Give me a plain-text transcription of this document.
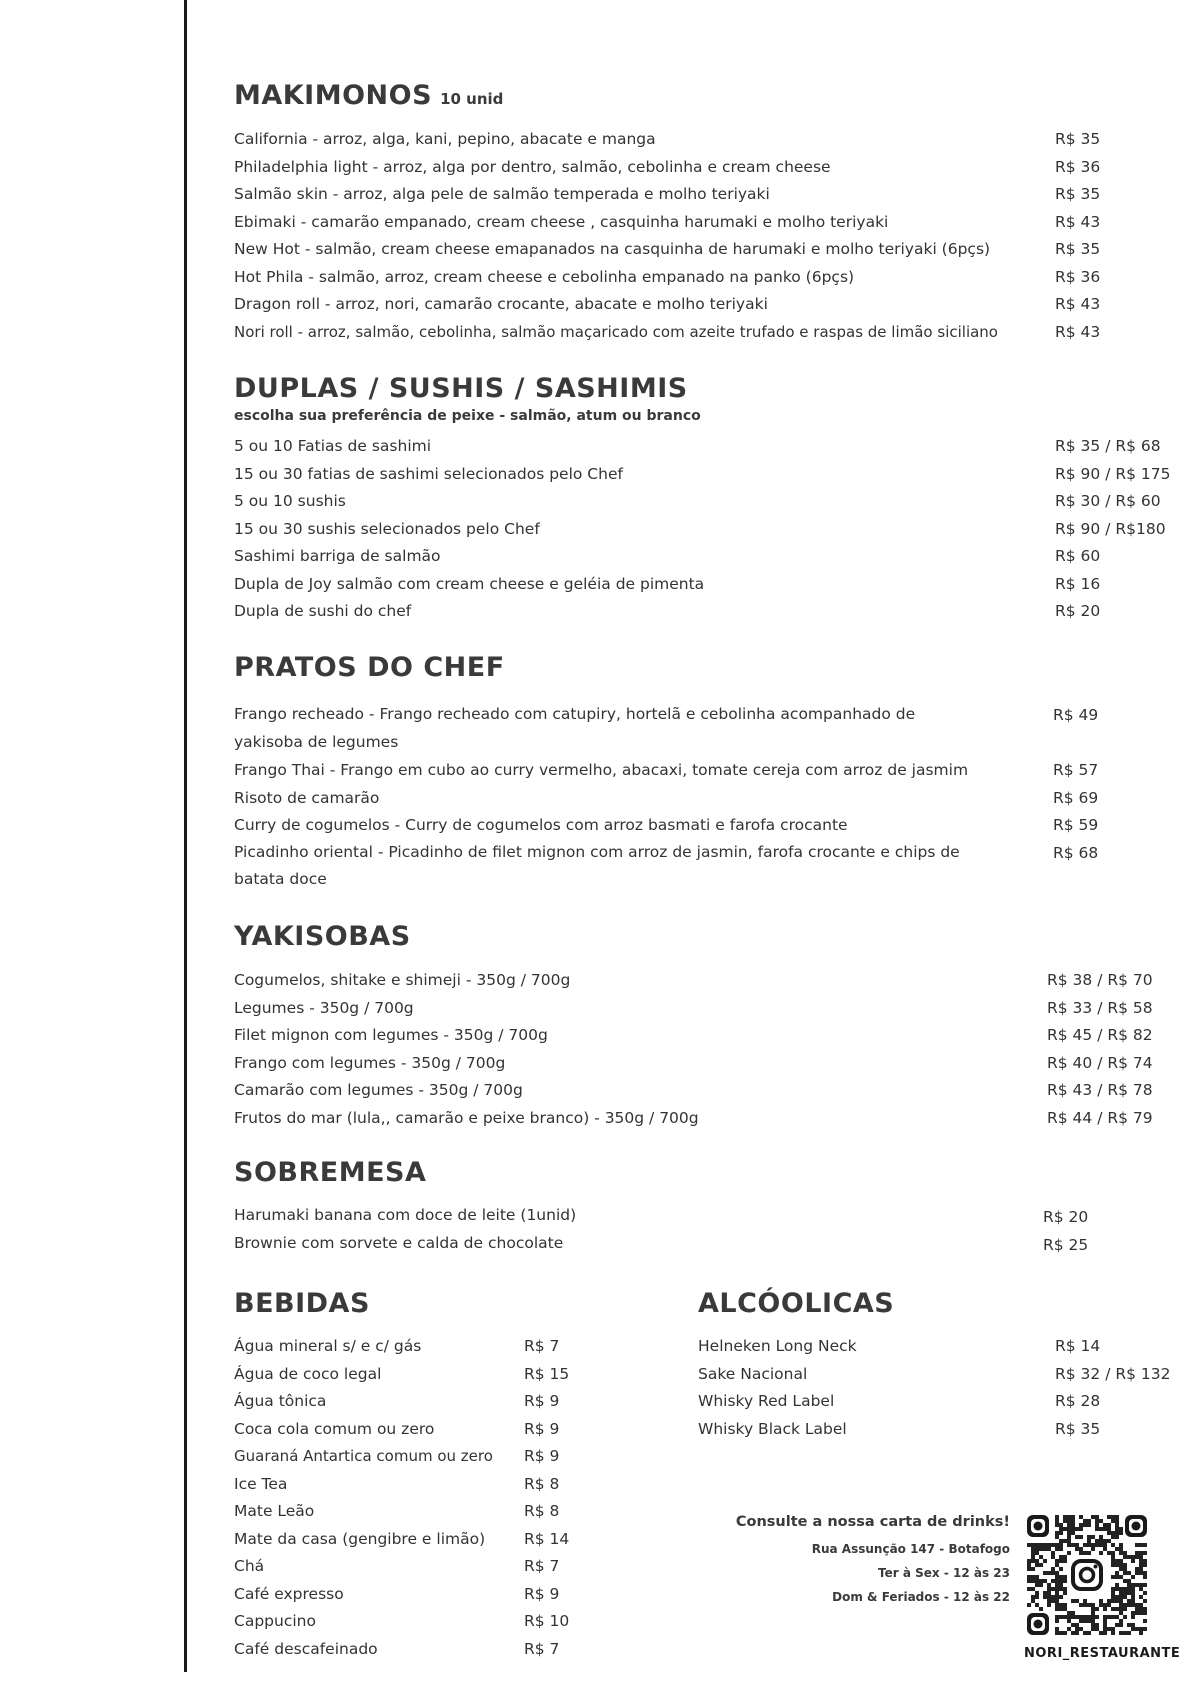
MAKIMONOS 10 unid
California - arroz, alga, kani, pepino, abacate e manga	R$ 35
Philadelphia light - arroz, alga por dentro, salmão, cebolinha e cream cheese	R$ 36
Salmão skin - arroz, alga pele de salmão temperada e molho teriyaki	R$ 35
Ebimaki - camarão empanado, cream cheese , casquinha harumaki e molho teriyaki	R$ 43
New Hot - salmão, cream cheese emapanados na casquinha de harumaki e molho teriyaki (6pçs)	R$ 35
Hot Phila - salmão, arroz, cream cheese e cebolinha empanado na panko (6pçs)	R$ 36
Dragon roll - arroz, nori, camarão crocante, abacate e molho teriyaki	R$ 43
Nori roll - arroz, salmão, cebolinha, salmão maçaricado com azeite trufado e raspas de limão siciliano	R$ 43
DUPLAS / SUSHIS / SASHIMIS
escolha sua preferência de peixe - salmão, atum ou branco
5 ou 10 Fatias de sashimi	R$ 35 / R$ 68
15 ou 30 fatias de sashimi selecionados pelo Chef	R$ 90 / R$ 175
5 ou 10 sushis	R$ 30 / R$ 60
15 ou 30 sushis selecionados pelo Chef	R$ 90 / R$180
Sashimi barriga de salmão	R$ 60
Dupla de Joy salmão com cream cheese e geléia de pimenta	R$ 16
Dupla de sushi do chef	R$ 20
PRATOS DO CHEF
Frango recheado - Frango recheado com catupiry, hortelã e cebolinha acompanhado de yakisoba de legumes
R$ 49
Frango Thai - Frango em cubo ao curry vermelho, abacaxi, tomate cereja com arroz de jasmim	R$ 57
Risoto de camarão	R$ 69
Curry de cogumelos - Curry de cogumelos com arroz basmati e farofa crocante	R$ 59
Picadinho oriental - Picadinho de filet mignon com arroz de jasmin, farofa crocante e chips de batata doce
R$ 68
YAKISOBAS
Cogumelos, shitake e shimeji - 350g / 700g	R$ 38 / R$ 70
Legumes - 350g / 700g	R$ 33 / R$ 58
Filet mignon com legumes - 350g / 700g	R$ 45 / R$ 82
Frango com legumes - 350g / 700g	R$ 40 / R$ 74
Camarão com legumes - 350g / 700g	R$ 43 / R$ 78
Frutos do mar (lula,, camarão e peixe branco) - 350g / 700g	R$ 44 / R$ 79
SOBREMESA
Harumaki banana com doce de leite (1unid)	R$ 20
Brownie com sorvete e calda de chocolate	R$ 25
BEBIDAS
Água mineral s/ e c/ gás	R$ 7
Água de coco legal	R$ 15
Água tônica	R$ 9
Coca cola comum ou zero	R$ 9
Guaraná Antartica comum ou zero R$ 9
Ice Tea	R$ 8
Mate Leão	R$ 8
Mate da casa (gengibre e limão)	R$ 14
Chá	R$ 7
Café expresso	R$ 9
Cappucino	R$ 10
Café descafeinado	R$ 7
ALCÓOLICAS
Helneken Long Neck	R$ 14
Sake Nacional	R$ 32 / R$ 132
Whisky Red Label	R$ 28
Whisky Black Label	R$ 35
Consulte a nossa carta de drinks!
Rua Assunção 147 - Botafogo
Ter à Sex - 12 às 23
Dom & Feriados - 12 às 22
NORI_RESTAURANTE
